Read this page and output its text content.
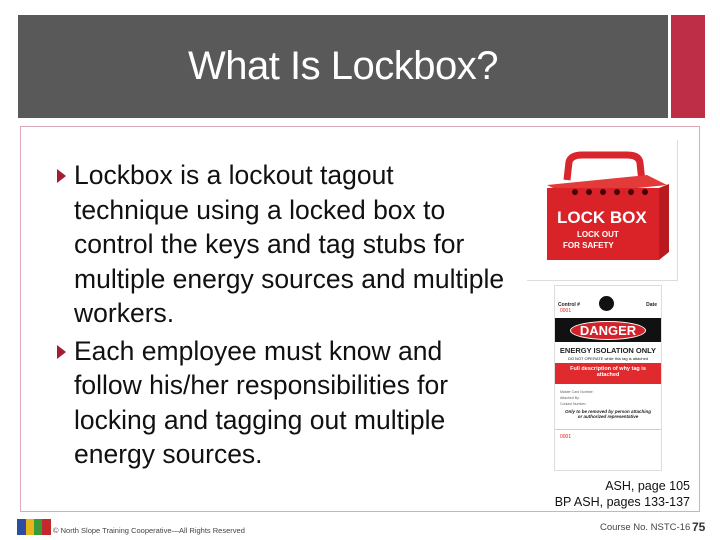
What Is Lockbox?
Lockbox is a lockout tagout technique using a locked box to control the keys and tag stubs for multiple energy sources and multiple workers.
Each employee must know and follow his/her responsibilities for locking and tagging out multiple energy sources.
LOCK BOX
LOCK OUT
FOR SAFETY
Control #
0001
Date
DANGER
ENERGY ISOLATION ONLY
DO NOT OPERATE while this tag is attached
Full description of why tag is attached
Master Card Number:
Attached By:
Contact Number:
Only to be removed by person attaching or authorized representative
0001
ASH, page 105
BP ASH, pages 133-137
© North Slope Training Cooperative—All Rights Reserved	Course No. NSTC-16 75
